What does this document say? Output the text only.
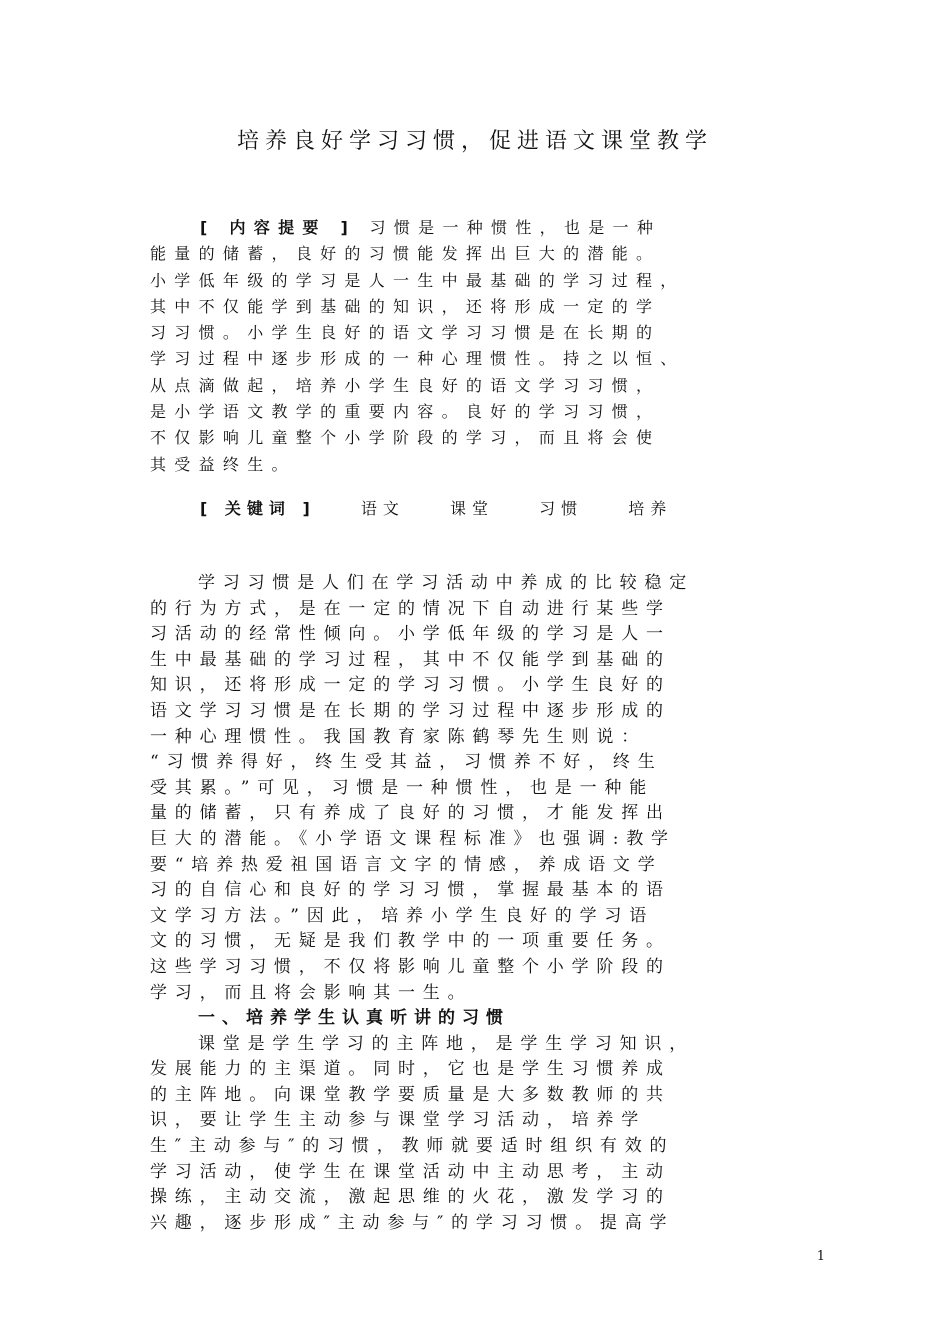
培养良好学习习惯，促进语文课堂教学
[ 内容提要 ] 习惯是一种惯性，也是一种
能量的储蓄，良好的习惯能发挥出巨大的潜能。
小学低年级的学习是人一生中最基础的学习过程，
其中不仅能学到基础的知识，还将形成一定的学
习习惯。小学生良好的语文学习习惯是在长期的
学习过程中逐步形成的一种心理惯性。持之以恒、
从点滴做起，培养小学生良好的语文学习习惯，
是小学语文教学的重要内容。良好的学习习惯，
不仅影响儿童整个小学阶段的学习，而且将会使
其受益终生。
[ 关键词 ]	语文	课堂	习惯	培养
学习习惯是人们在学习活动中养成的比较稳定
的行为方式，是在一定的情况下自动进行某些学
习活动的经常性倾向。小学低年级的学习是人一
生中最基础的学习过程，其中不仅能学到基础的
知识，还将形成一定的学习习惯。小学生良好的
语文学习习惯是在长期的学习过程中逐步形成的
一种心理惯性。我国教育家陈鹤琴先生则说：
“习惯养得好，终生受其益，习惯养不好，终生
受其累。”可见，习惯是一种惯性，也是一种能
量的储蓄，只有养成了良好的习惯，才能发挥出
巨大的潜能。《小学语文课程标准》也强调:教学
要“培养热爱祖国语言文字的情感，养成语文学
习的自信心和良好的学习习惯，掌握最基本的语
文学习方法。”因此，培养小学生良好的学习语
文的习惯，无疑是我们教学中的一项重要任务。
这些学习习惯，不仅将影响儿童整个小学阶段的
学习，而且将会影响其一生。
一、培养学生认真听讲的习惯
课堂是学生学习的主阵地，是学生学习知识，
发展能力的主渠道。同时，它也是学生习惯养成
的主阵地。向课堂教学要质量是大多数教师的共
识，要让学生主动参与课堂学习活动，培养学
生″主动参与″的习惯，教师就要适时组织有效的
学习活动，使学生在课堂活动中主动思考，主动
操练，主动交流，激起思维的火花，激发学习的
兴趣，逐步形成″主动参与″的学习习惯。提高学
1
